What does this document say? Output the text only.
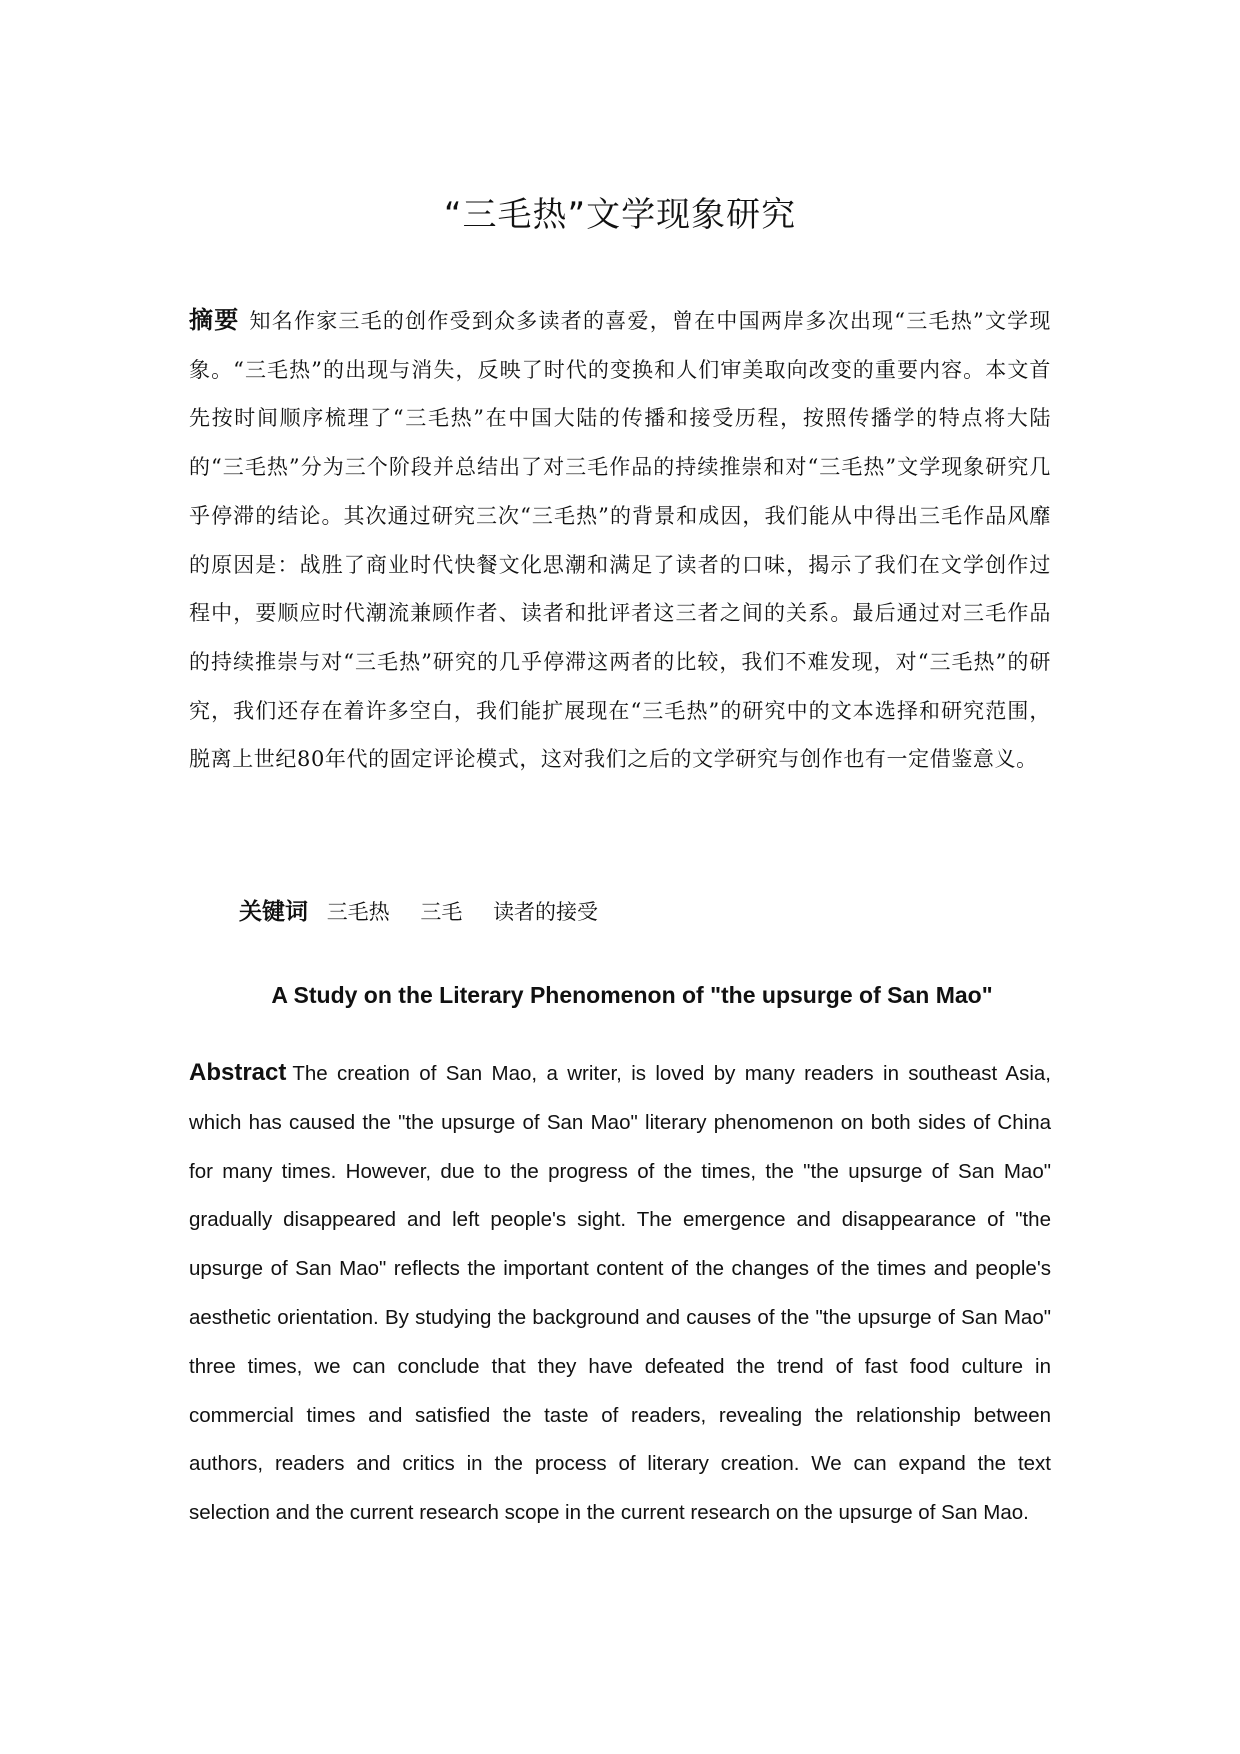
“三毛热”文学现象研究

摘要 知名作家三毛的创作受到众多读者的喜爱，曾在中国两岸多次出现“三毛热”文学现象。“三毛热”的出现与消失，反映了时代的变换和人们审美取向改变的重要内容。本文首先按时间顺序梳理了“三毛热”在中国大陆的传播和接受历程，按照传播学的特点将大陆的“三毛热”分为三个阶段并总结出了对三毛作品的持续推崇和对“三毛热”文学现象研究几乎停滞的结论。其次通过研究三次“三毛热”的背景和成因，我们能从中得出三毛作品风靡的原因是：战胜了商业时代快餐文化思潮和满足了读者的口味，揭示了我们在文学创作过程中，要顺应时代潮流兼顾作者、读者和批评者这三者之间的关系。最后通过对三毛作品的持续推崇与对“三毛热”研究的几乎停滞这两者的比较，我们不难发现，对“三毛热”的研究，我们还存在着许多空白，我们能扩展现在“三毛热”的研究中的文本选择和研究范围，脱离上世纪80年代的固定评论模式，这对我们之后的文学研究与创作也有一定借鉴意义。

关键词 三毛热 三毛 读者的接受
A Study on the Literary Phenomenon of "the upsurge of San Mao"

Abstract The creation of San Mao, a writer, is loved by many readers in southeast Asia, which has caused the "the upsurge of San Mao" literary phenomenon on both sides of China for many times. However, due to the progress of the times, the "the upsurge of San Mao" gradually disappeared and left people's sight. The emergence and disappearance of "the upsurge of San Mao" reflects the important content of the changes of the times and people's aesthetic orientation. By studying the background and causes of the "the upsurge of San Mao" three times, we can conclude that they have defeated the trend of fast food culture in commercial times and satisfied the taste of readers, revealing the relationship between authors, readers and critics in the process of literary creation. We can expand the text selection and the current research scope in the current research on the upsurge of San Mao.
